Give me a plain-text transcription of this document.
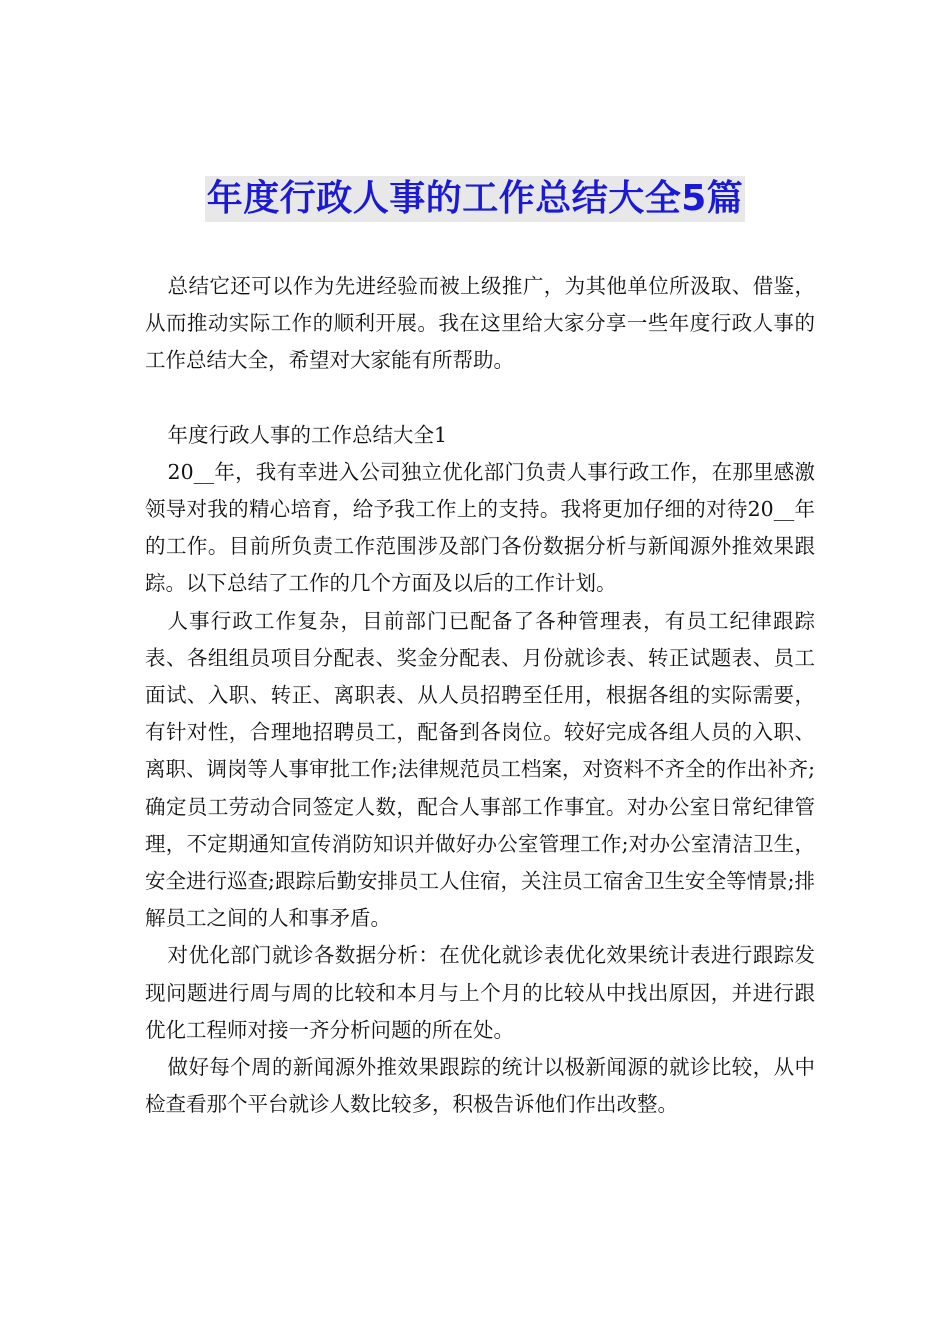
年度行政人事的工作总结大全5篇

总结它还可以作为先进经验而被上级推广，为其他单位所汲取、借鉴，从而推动实际工作的顺利开展。我在这里给大家分享一些年度行政人事的工作总结大全，希望对大家能有所帮助。

年度行政人事的工作总结大全1

20__年，我有幸进入公司独立优化部门负责人事行政工作，在那里感激领导对我的精心培育，给予我工作上的支持。我将更加仔细的对待20__年的工作。目前所负责工作范围涉及部门各份数据分析与新闻源外推效果跟踪。以下总结了工作的几个方面及以后的工作计划。

人事行政工作复杂，目前部门已配备了各种管理表，有员工纪律跟踪表、各组组员项目分配表、奖金分配表、月份就诊表、转正试题表、员工面试、入职、转正、离职表、从人员招聘至任用，根据各组的实际需要，有针对性，合理地招聘员工，配备到各岗位。较好完成各组人员的入职、离职、调岗等人事审批工作;法律规范员工档案，对资料不齐全的作出补齐;确定员工劳动合同签定人数，配合人事部工作事宜。对办公室日常纪律管理，不定期通知宣传消防知识并做好办公室管理工作;对办公室清洁卫生，安全进行巡查;跟踪后勤安排员工人住宿，关注员工宿舍卫生安全等情景;排解员工之间的人和事矛盾。

对优化部门就诊各数据分析：在优化就诊表优化效果统计表进行跟踪发现问题进行周与周的比较和本月与上个月的比较从中找出原因，并进行跟优化工程师对接一齐分析问题的所在处。

做好每个周的新闻源外推效果跟踪的统计以极新闻源的就诊比较，从中检查看那个平台就诊人数比较多，积极告诉他们作出改整。
